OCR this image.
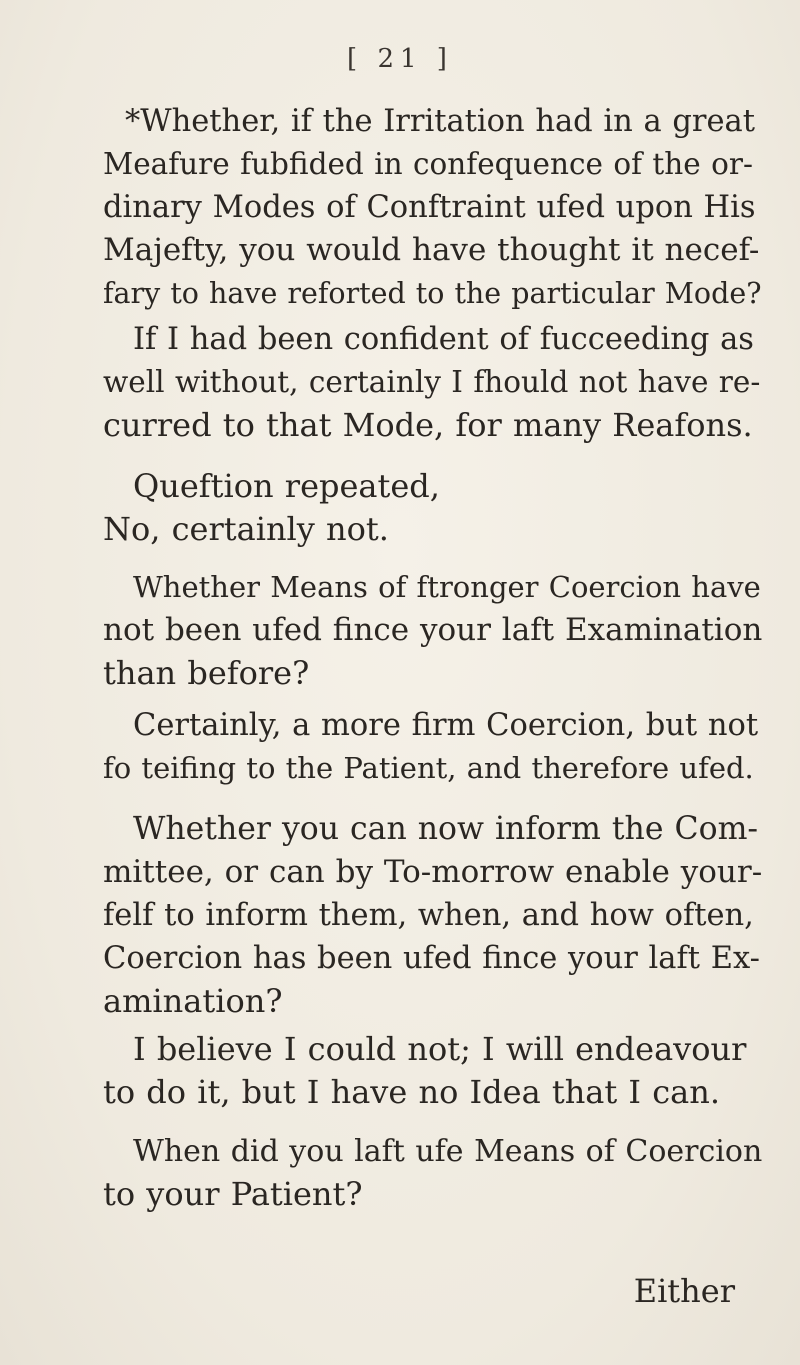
[ 21 ]
*Whether, if the Irritation had in a great
Meafure fubfided in confequence of the or-
dinary Modes of Conftraint ufed upon His
Majefty, you would have thought it necef-
fary to have reforted to the particular Mode?
If I had been confident of fucceeding as
well without, certainly I fhould not have re-
curred to that Mode, for many Reafons.
Queftion repeated,
No, certainly not.
Whether Means of ftronger Coercion have
not been ufed fince your laft Examination
than before?
Certainly, a more firm Coercion, but not
fo teifing to the Patient, and therefore ufed.
Whether you can now inform the Com-
mittee, or can by To-morrow enable your-
felf to inform them, when, and how often,
Coercion has been ufed fince your laft Ex-
amination?
I believe I could not; I will endeavour
to do it, but I have no Idea that I can.
When did you laft ufe Means of Coercion
to your Patient?
Either
